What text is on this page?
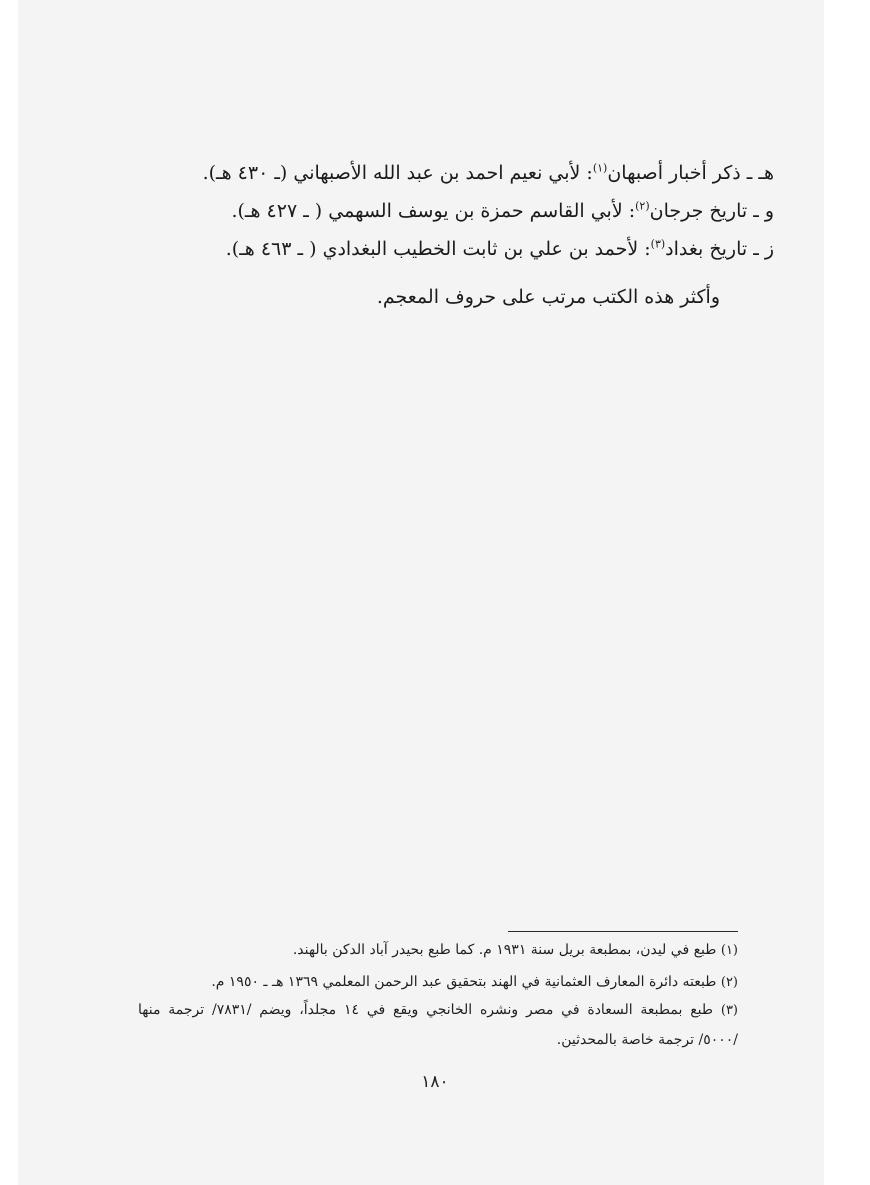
هـ ـ ذكر أخبار أصبهان$^{(١)}$: لأبي نعيم احمد بن عبد الله الأصبهاني (ـ ٤٣٠ هـ).
و ـ تاريخ جرجان$^{(٢)}$: لأبي القاسم حمزة بن يوسف السهمي ( ـ ٤٢٧ هـ).
ز ـ تاريخ بغداد$^{(٣)}$: لأحمد بن علي بن ثابت الخطيب البغدادي ( ـ ٤٦٣ هـ).
وأكثر هذه الكتب مرتب على حروف المعجم.
(١) طبع في ليدن، بمطبعة بريل سنة ١٩٣١ م. كما طبع بحيدر آباد الدكن بالهند.
(٢) طبعته دائرة المعارف العثمانية في الهند بتحقيق عبد الرحمن المعلمي ١٣٦٩ هـ ـ ١٩٥٠ م.
(٣) طبع بمطبعة السعادة في مصر ونشره الخانجي ويقع في ١٤ مجلداً، ويضم /٧٨٣١/ ترجمة منها
/٥٠٠٠/ ترجمة خاصة بالمحدثين.
١٨٠
